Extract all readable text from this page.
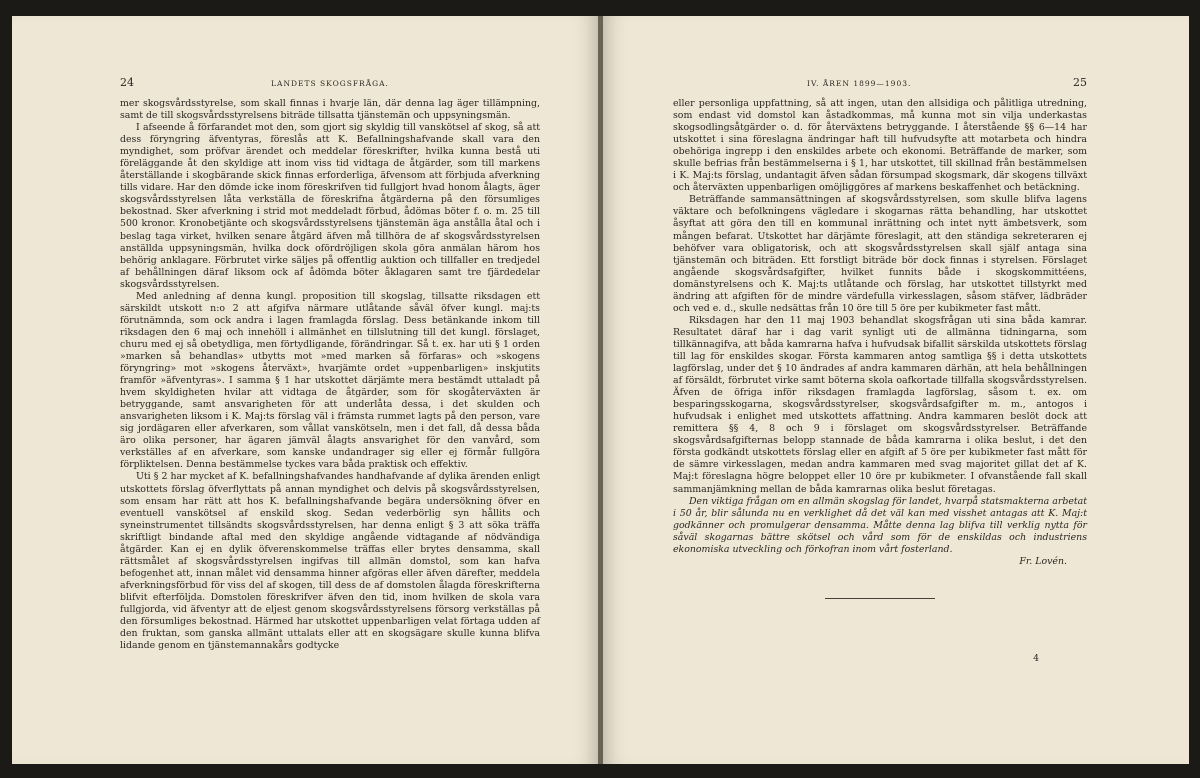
24	LANDETS SKOGSFRÅGA.

mer skogsvårdsstyrelse, som skall finnas i hvarje län, där denna lag äger tillämpning, samt de till skogsvårdsstyrelsens biträde tillsatta tjänstemän och uppsyningsmän.

I afseende å förfarandet mot den, som gjort sig skyldig till vanskötsel af skog, så att dess föryngring äfventyras, föreslås att K. Befallningshafvande skall vara den myndighet, som pröfvar ärendet och meddelar föreskrifter, hvilka kunna bestå uti föreläggande åt den skyldige att inom viss tid vidtaga de åtgärder, som till markens återställande i skogbärande skick finnas erforderliga, äfvensom att förbjuda afverkning tills vidare. Har den dömde icke inom föreskrifven tid fullgjort hvad honom ålagts, äger skogsvårdsstyrelsen låta verkställa de föreskrifna åtgärderna på den försumliges bekostnad. Sker afverkning i strid mot meddeladt förbud, ådömas böter f. o. m. 25 till 500 kronor. Kronobetjänte och skogsvårdsstyrelsens tjänstemän äga anstålla åtal och i beslag taga virket, hvilken senare åtgärd äfven må tillhöra de af skogsvårdsstyrelsen anställda uppsyningsmän, hvilka dock ofördröjligen skola göra anmälan härom hos behörig anklagare. Förbrutet virke säljes på offentlig auktion och tillfaller en tredjedel af behållningen däraf liksom ock af ådömda böter åklagaren samt tre fjärdedelar skogsvårdsstyrelsen.

Med anledning af denna kungl. proposition till skogslag, tillsatte riksdagen ett särskildt utskott n:o 2 att afgifva närmare utlåtande såväl öfver kungl. maj:ts förutnämnda, som ock andra i lagen framlagda förslag. Dess betänkande inkom till riksdagen den 6 maj och innehöll i allmänhet en tillslutning till det kungl. förslaget, churu med ej så obetydliga, men förtydligande, förändringar. Så t. ex. har uti § 1 orden »marken så behandlas» utbytts mot »med marken så förfaras» och »skogens föryngring» mot »skogens återväxt», hvarjämte ordet »uppenbarligen» inskjutits framför »äfventyras». I samma § 1 har utskottet därjämte mera bestämdt uttaladt på hvem skyldigheten hvilar att vidtaga de åtgärder, som för skogåterväxten är betryggande, samt ansvarigheten för att underlåta dessa, i det skulden och ansvarigheten liksom i K. Maj:ts förslag väl i främsta rummet lagts på den person, vare sig jordägaren eller afverkaren, som vållat vanskötseln, men i det fall, då dessa båda äro olika personer, har ägaren jämväl ålagts ansvarighet för den vanvård, som verkställes af en afverkare, som kanske undandrager sig eller ej förmår fullgöra förpliktelsen. Denna bestämmelse tyckes vara båda praktisk och effektiv.

Uti § 2 har mycket af K. befallningshafvandes handhafvande af dylika ärenden enligt utskottets förslag öfverflyttats på annan myndighet och delvis på skogsvårdsstyrelsen, som ensam har rätt att hos K. befallningshafvande begära undersökning öfver en eventuell vanskötsel af enskild skog. Sedan vederbörlig syn hållits och syneinstrumentet tillsändts skogsvårdsstyrelsen, har denna enligt § 3 att söka träffa skriftligt bindande aftal med den skyldige angående vidtagande af nödvändiga åtgärder. Kan ej en dylik öfverenskommelse träffas eller brytes densamma, skall rättsmålet af skogsvårdsstyrelsen ingifvas till allmän domstol, som kan hafva befogenhet att, innan målet vid densamma hinner afgöras eller äfven därefter, meddela afverkningsförbud för viss del af skogen, till dess de af domstolen ålagda föreskrifterna blifvit efterföljda. Domstolen föreskrifver äfven den tid, inom hvilken de skola vara fullgjorda, vid äfventyr att de eljest genom skogsvårdsstyrelsens försorg verkställas på den försumliges bekostnad. Härmed har utskottet uppenbarligen velat förtaga udden af den fruktan, som ganska allmänt uttalats eller att en skogsägare skulle kunna blifva lidande genom en tjänstemannakårs godtycke

IV. ÅREN 1899—1903.	25

eller personliga uppfattning, så att ingen, utan den allsidiga och pålitliga utredning, som endast vid domstol kan åstadkommas, må kunna mot sin vilja underkastas skogsodlingsåtgärder o. d. för återväxtens betryggande. I återstående §§ 6—14 har utskottet i sina föreslagna ändringar haft till hufvudsyfte att motarbeta och hindra obehöriga ingrepp i den enskildes arbete och ekonomi. Beträffande de marker, som skulle befrias från bestämmelserna i § 1, har utskottet, till skillnad från bestämmelsen i K. Maj:ts förslag, undantagit äfven sådan försumpad skogsmark, där skogens tillväxt och återväxten uppenbarligen omöjliggöres af markens beskaffenhet och betäckning.

Beträffande sammansättningen af skogsvårdsstyrelsen, som skulle blifva lagens väktare och befolkningens vägledare i skogarnas rätta behandling, har utskottet åsyftat att göra den till en kommunal inrättning och intet nytt ämbetsverk, som mången befarat. Utskottet har därjämte föreslagit, att den ständiga sekreteraren ej behöfver vara obligatorisk, och att skogsvårdsstyrelsen skall själf antaga sina tjänstemän och biträden. Ett forstligt biträde bör dock finnas i styrelsen. Förslaget angående skogsvårdsafgifter, hvilket funnits både i skogskommittéens, domänstyrelsens och K. Maj:ts utlåtande och förslag, har utskottet tillstyrkt med ändring att afgiften för de mindre värdefulla virkesslagen, såsom stäfver, lädbräder och ved e. d., skulle nedsättas från 10 öre till 5 öre per kubikmeter fast mått.

Riksdagen har den 11 maj 1903 behandlat skogsfrågan uti sina båda kamrar. Resultatet däraf har i dag varit synligt uti de allmänna tidningarna, som tillkännagifva, att båda kamrarna hafva i hufvudsak bifallit särskilda utskottets förslag till lag för enskildes skogar. Första kammaren antog samtliga §§ i detta utskottets lagförslag, under det § 10 ändrades af andra kammaren därhän, att hela behållningen af försäldt, förbrutet virke samt böterna skola oafkortade tillfalla skogsvårdsstyrelsen. Äfven de öfriga inför riksdagen framlagda lagförslag, såsom t. ex. om besparingsskogarna, skogsvårdsstyrelser, skogsvårdsafgifter m. m., antogos i hufvudsak i enlighet med utskottets affattning. Andra kammaren beslöt dock att remittera §§ 4, 8 och 9 i förslaget om skogsvårdsstyrelser. Beträffande skogsvårdsafgifternas belopp stannade de båda kamrarna i olika beslut, i det den första godkändt utskottets förslag eller en afgift af 5 öre per kubikmeter fast mått för de sämre virkesslagen, medan andra kammaren med svag majoritet gillat det af K. Maj:t föreslagna högre beloppet eller 10 öre pr kubikmeter. I ofvanstående fall skall sammanjämkning mellan de båda kamrarnas olika beslut företagas.

Den viktiga frågan om en allmän skogslag för landet, hvarpå statsmakterna arbetat i 50 år, blir sålunda nu en verklighet då det väl kan med visshet antagas att K. Maj:t godkänner och promulgerar densamma. Måtte denna lag blifva till verklig nytta för såväl skogarnas bättre skötsel och vård som för de enskildas och industriens ekonomiska utveckling och förkofran inom vårt fosterland.

Fr. Lovén.
4
